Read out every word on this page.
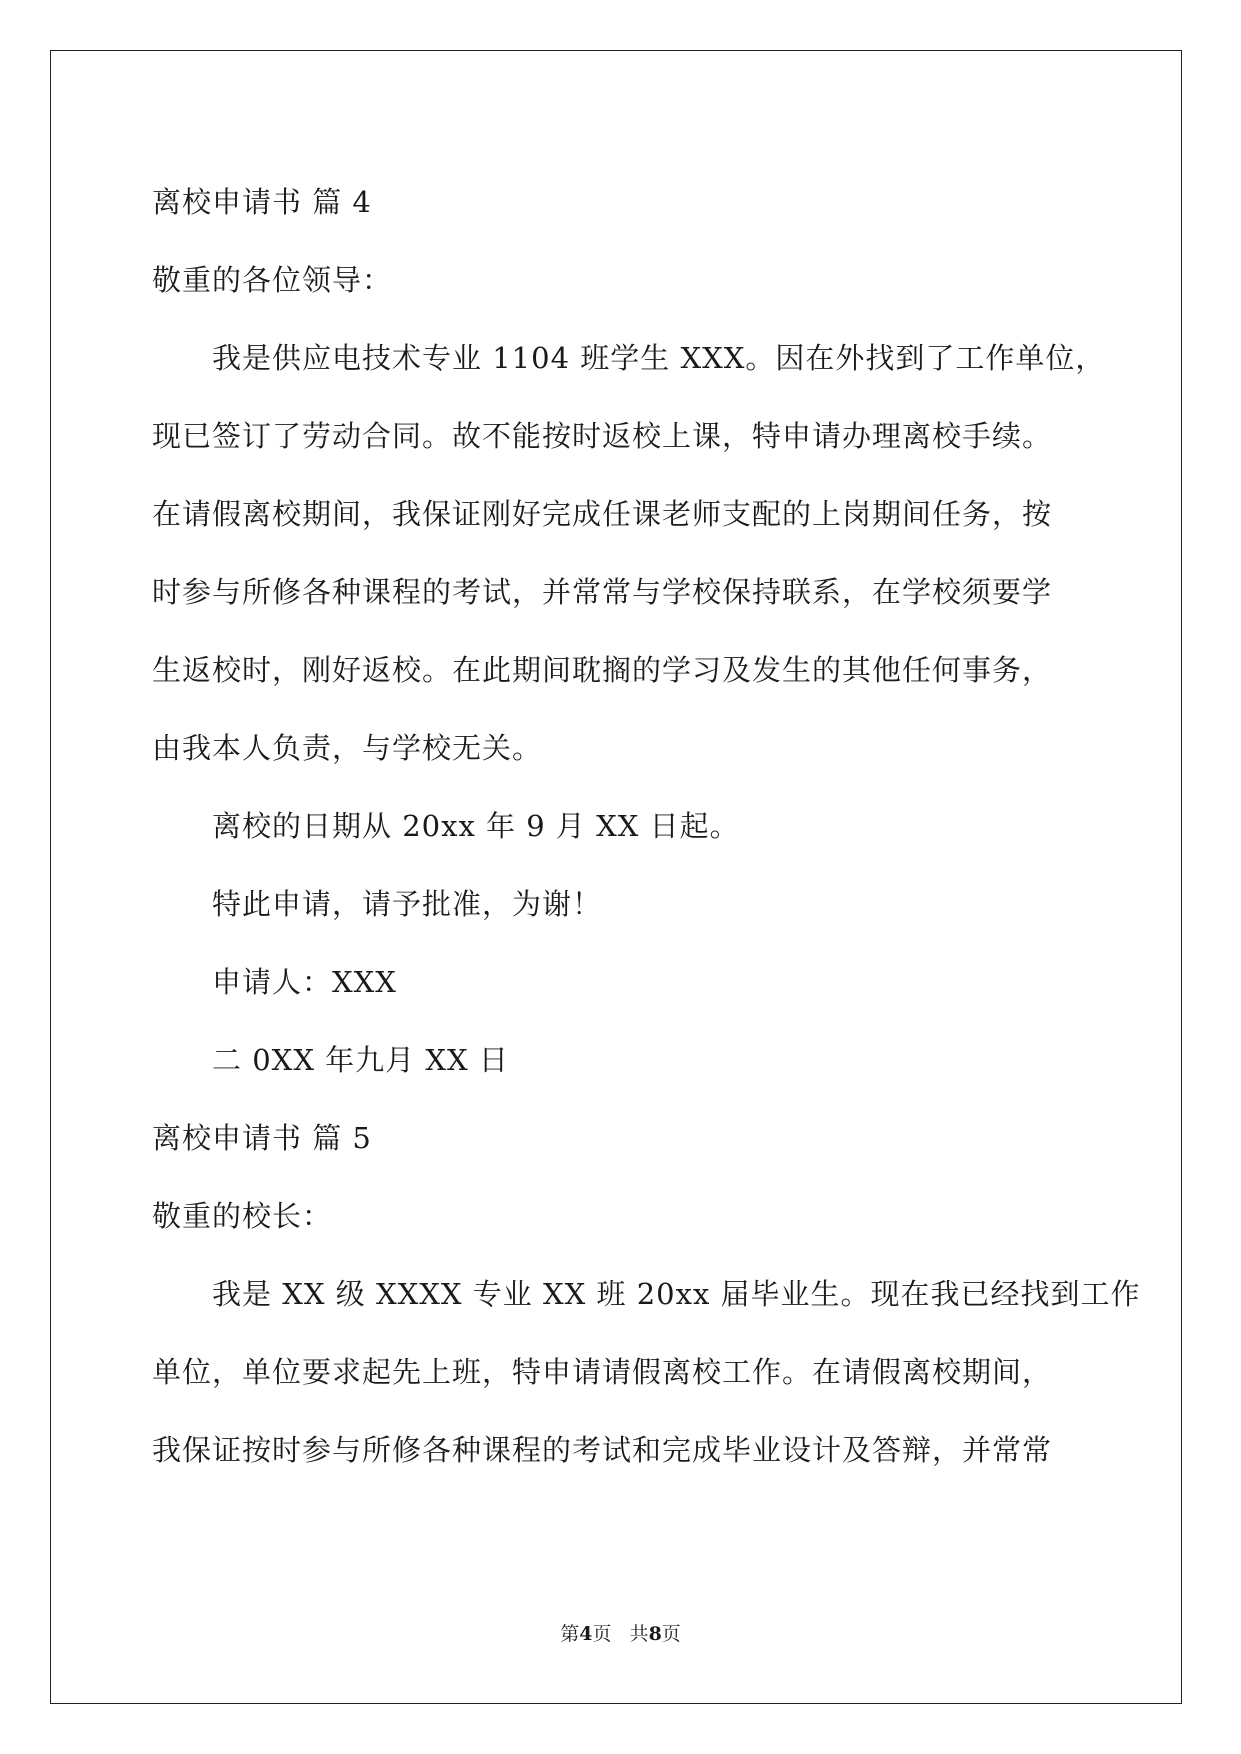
离校申请书 篇 4
敬重的各位领导：
我是供应电技术专业 1104 班学生 XXX。因在外找到了工作单位，
现已签订了劳动合同。故不能按时返校上课，特申请办理离校手续。
在请假离校期间，我保证刚好完成任课老师支配的上岗期间任务，按
时参与所修各种课程的考试，并常常与学校保持联系，在学校须要学
生返校时，刚好返校。在此期间耽搁的学习及发生的其他任何事务，
由我本人负责，与学校无关。
离校的日期从 20xx 年 9 月 XX 日起。
特此申请，请予批准，为谢！
申请人：XXX
二 0XX 年九月 XX 日
离校申请书 篇 5
敬重的校长：
我是 XX 级 XXXX 专业 XX 班 20xx 届毕业生。现在我已经找到工作
单位，单位要求起先上班，特申请请假离校工作。在请假离校期间，
我保证按时参与所修各种课程的考试和完成毕业设计及答辩，并常常
第4页   共8页
